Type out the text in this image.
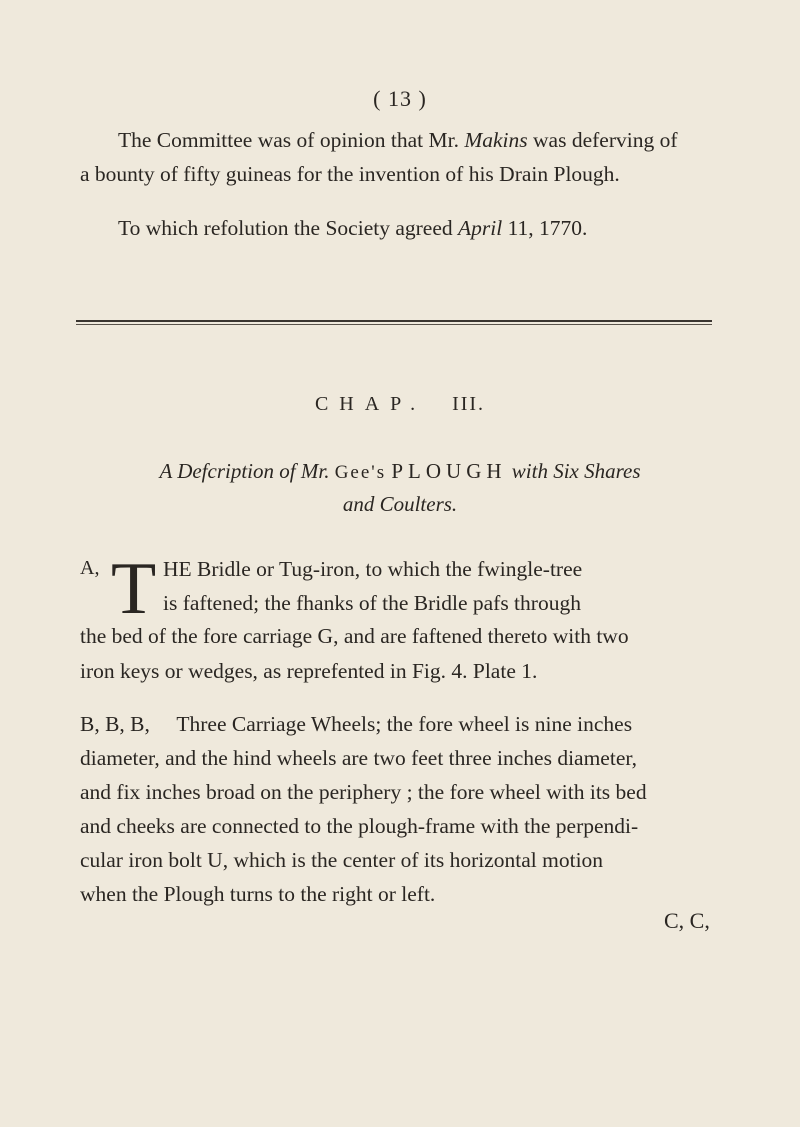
( 13 )
The Committee was of opinion that Mr. Makins was deferving of
a bounty of fifty guineas for the invention of his Drain Plough.
To which refolution the Society agreed April 11, 1770.
CHAP. III.
A Defcription of Mr. Gee's PLOUGH with Six Shares
and Coulters.
A, T HE Bridle or Tug-iron, to which the fwingle-tree
is faftened; the fhanks of the Bridle pafs through
the bed of the fore carriage G, and are faftened thereto with two
iron keys or wedges, as reprefented in Fig. 4. Plate 1.
B, B, B,     Three Carriage Wheels; the fore wheel is nine inches
diameter, and the hind wheels are two feet three inches diameter,
and fix inches broad on the periphery ; the fore wheel with its bed
and cheeks are connected to the plough-frame with the perpendi-
cular iron bolt U, which is the center of its horizontal motion
when the Plough turns to the right or left.
C, C,
